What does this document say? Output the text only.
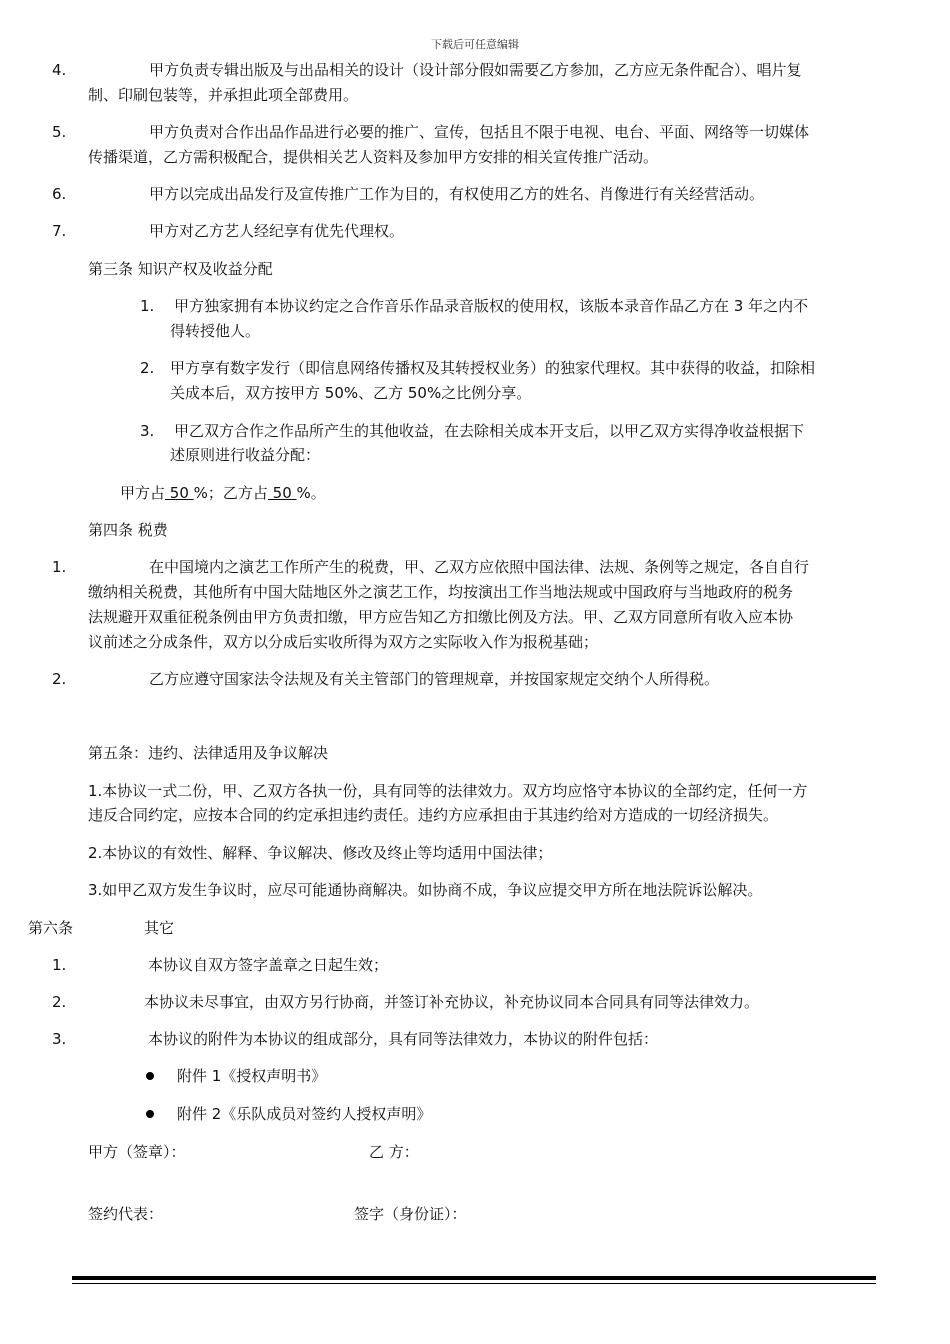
下载后可任意编辑
4.	甲方负责专辑出版及与出品相关的设计（设计部分假如需要乙方参加，乙方应无条件配合）、唱片复
制、印刷包装等，并承担此项全部费用。
5.	甲方负责对合作出品作品进行必要的推广、宣传，包括且不限于电视、电台、平面、网络等一切媒体
传播渠道，乙方需积极配合，提供相关艺人资料及参加甲方安排的相关宣传推广活动。
6.	甲方以完成出品发行及宣传推广工作为目的，有权使用乙方的姓名、肖像进行有关经营活动。
7.	甲方对乙方艺人经纪享有优先代理权。
第三条 知识产权及收益分配
1. 甲方独家拥有本协议约定之合作音乐作品录音版权的使用权，该版本录音作品乙方在 3 年之内不
得转授他人。
2. 甲方享有数字发行（即信息网络传播权及其转授权业务）的独家代理权。其中获得的收益，扣除相
关成本后，双方按甲方 50%、乙方 50%之比例分享。
3. 甲乙双方合作之作品所产生的其他收益，在去除相关成本开支后，以甲乙双方实得净收益根据下
述原则进行收益分配：
甲方占 50 %；乙方占 50 %。
第四条 税费
1.	在中国境内之演艺工作所产生的税费，甲、乙双方应依照中国法律、法规、条例等之规定，各自自行
缴纳相关税费，其他所有中国大陆地区外之演艺工作，均按演出工作当地法规或中国政府与当地政府的税务
法规避开双重征税条例由甲方负责扣缴，甲方应告知乙方扣缴比例及方法。甲、乙双方同意所有收入应本协
议前述之分成条件，双方以分成后实收所得为双方之实际收入作为报税基础；
2.	乙方应遵守国家法令法规及有关主管部门的管理规章，并按国家规定交纳个人所得税。
第五条：违约、法律适用及争议解决
1.本协议一式二份，甲、乙双方各执一份，具有同等的法律效力。双方均应恪守本协议的全部约定，任何一方
违反合同约定，应按本合同的约定承担违约责任。违约方应承担由于其违约给对方造成的一切经济损失。
2.本协议的有效性、解释、争议解决、修改及终止等均适用中国法律；
3.如甲乙双方发生争议时，应尽可能通协商解决。如协商不成，争议应提交甲方所在地法院诉讼解决。
第六条	其它
1.	本协议自双方签字盖章之日起生效；
2.	本协议未尽事宜，由双方另行协商，并签订补充协议，补充协议同本合同具有同等法律效力。
3.	本协议的附件为本协议的组成部分，具有同等法律效力，本协议的附件包括：
附件 1《授权声明书》
附件 2《乐队成员对签约人授权声明》
甲方（签章）：	乙 方：
签约代表：	签字（身份证）：
